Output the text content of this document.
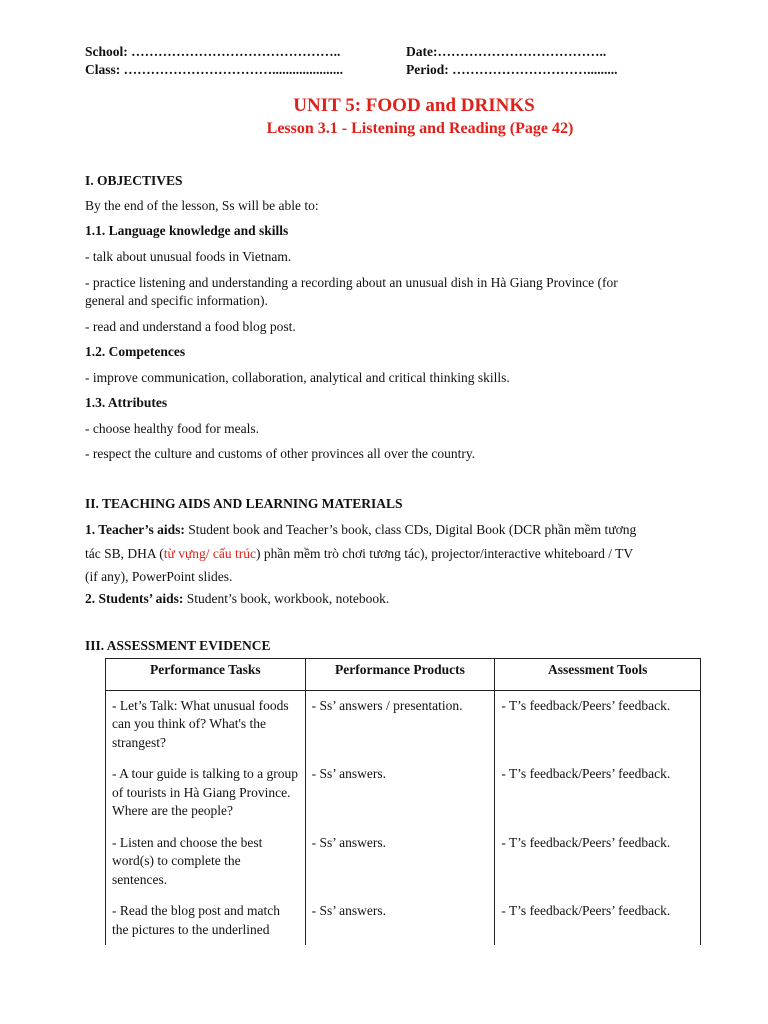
School: ………………………………………..	Date:………………………………..
Class: …………………………….....................	Period: ………………………….........
UNIT 5: FOOD and DRINKS
Lesson 3.1 - Listening and Reading (Page 42)
I. OBJECTIVES
By the end of the lesson, Ss will be able to:
1.1. Language knowledge and skills
- talk about unusual foods in Vietnam.
- practice listening and understanding a recording about an unusual dish in Hà Giang Province (for
general and specific information).
- read and understand a food blog post.
1.2. Competences
- improve communication, collaboration, analytical and critical thinking skills.
1.3. Attributes
- choose healthy food for meals.
- respect the culture and customs of other provinces all over the country.
II. TEACHING AIDS AND LEARNING MATERIALS
1. Teacher’s aids: Student book and Teacher’s book, class CDs, Digital Book (DCR phần mềm tương
tác SB, DHA (từ vựng/ cấu trúc) phần mềm trò chơi tương tác), projector/interactive whiteboard / TV
(if any), PowerPoint slides.
2. Students’ aids: Student’s book, workbook, notebook.
III. ASSESSMENT EVIDENCE
Performance Tasks	Performance Products	Assessment Tools
- Let’s Talk: What unusual foods can you think of? What's the strangest?	- Ss’ answers / presentation.	- T’s feedback/Peers’ feedback.
- A tour guide is talking to a group of tourists in Hà Giang Province. Where are the people?	- Ss’ answers.	- T’s feedback/Peers’ feedback.
- Listen and choose the best word(s) to complete the sentences.	- Ss’ answers.	- T’s feedback/Peers’ feedback.
- Read the blog post and match the pictures to the underlined	- Ss’ answers.	- T’s feedback/Peers’ feedback.
